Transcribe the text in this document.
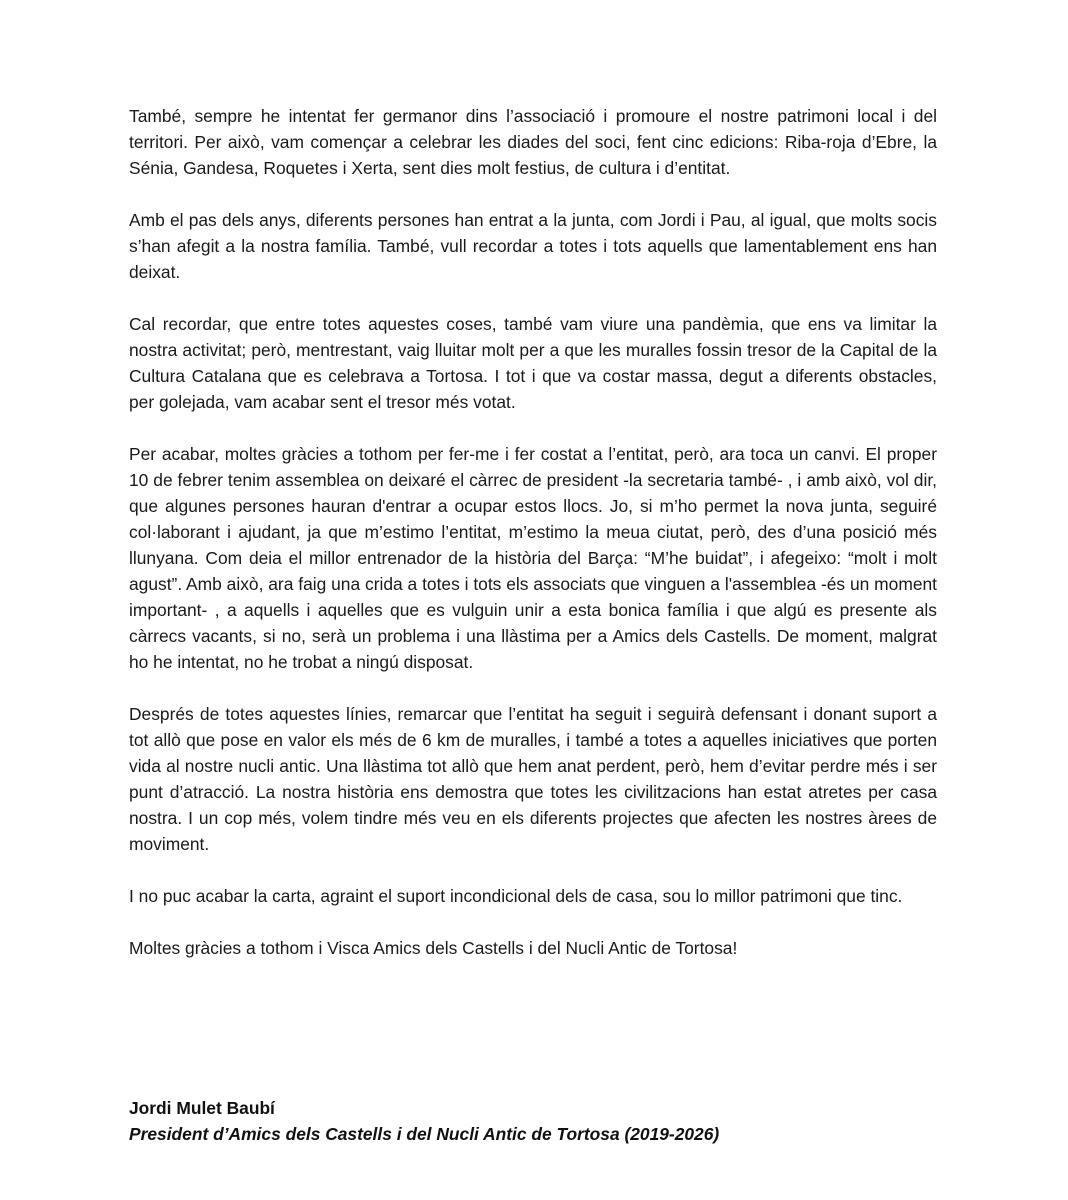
També, sempre he intentat fer germanor dins l’associació i promoure el nostre patrimoni local i del territori. Per això, vam començar a celebrar les diades del soci, fent cinc edicions: Riba-roja d’Ebre, la Sénia, Gandesa, Roquetes i Xerta, sent dies molt festius, de cultura i d’entitat.

Amb el pas dels anys, diferents persones han entrat a la junta, com Jordi i Pau, al igual, que molts socis s’han afegit a la nostra família. També, vull recordar a totes i tots aquells que lamentablement ens han deixat.

Cal recordar, que entre totes aquestes coses, també vam viure una pandèmia, que ens va limitar la nostra activitat; però, mentrestant, vaig lluitar molt per a que les muralles fossin tresor de la Capital de la Cultura Catalana que es celebrava a Tortosa. I tot i que va costar massa, degut a diferents obstacles, per golejada, vam acabar sent el tresor més votat.

Per acabar, moltes gràcies a tothom per fer-me i fer costat a l’entitat, però, ara toca un canvi. El proper 10 de febrer tenim assemblea on deixaré el càrrec de president -la secretaria també- , i amb això, vol dir, que algunes persones hauran d'entrar a ocupar estos llocs. Jo, si m’ho permet la nova junta, seguiré col·laborant i ajudant, ja que m’estimo l’entitat, m’estimo la meua ciutat, però, des d’una posició més llunyana. Com deia el millor entrenador de la història del Barça: “M’he buidat”, i afegeixo: “molt i molt agust”. Amb això, ara faig una crida a totes i tots els associats que vinguen a l'assemblea -és un moment important- , a aquells i aquelles que es vulguin unir a esta bonica família i que algú es presente als càrrecs vacants, si no, serà un problema i una llàstima per a Amics dels Castells. De moment, malgrat ho he intentat, no he trobat a ningú disposat.

Després de totes aquestes línies, remarcar que l’entitat ha seguit i seguirà defensant i donant suport a tot allò que pose en valor els més de 6 km de muralles, i també a totes a aquelles iniciatives que porten vida al nostre nucli antic. Una llàstima tot allò que hem anat perdent, però, hem d’evitar perdre més i ser punt d’atracció. La nostra història ens demostra que totes les civilitzacions han estat atretes per casa nostra. I un cop més, volem tindre més veu en els diferents projectes que afecten les nostres àrees de moviment.

I no puc acabar la carta, agraint el suport incondicional dels de casa, sou lo millor patrimoni que tinc.

Moltes gràcies a tothom i Visca Amics dels Castells i del Nucli Antic de Tortosa!

Jordi Mulet Baubí
President d’Amics dels Castells i del Nucli Antic de Tortosa (2019-2026)
